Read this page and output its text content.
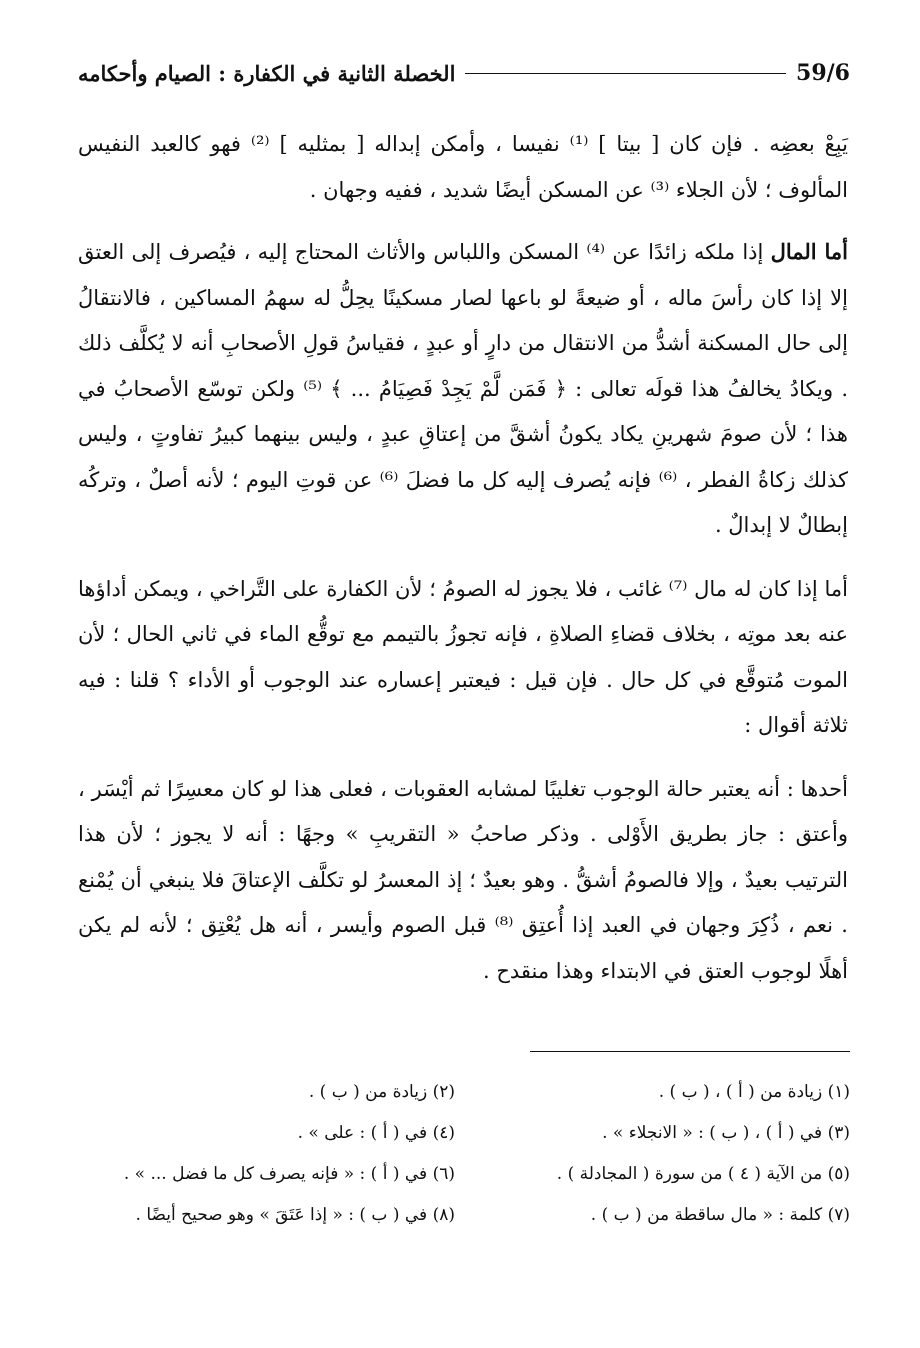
الخصلة الثانية في الكفارة : الصيام وأحكامه	59/6

يَبِعْ بعضِه . فإن كان [ بيتا ] ⁽¹⁾ نفيسا ، وأمكن إبداله [ بمثليه ] ⁽²⁾ فهو كالعبد النفيس المألوف ؛ لأن الجلاء ⁽³⁾ عن المسكن أيضًا شديد ، ففيه وجهان .

أما المال إذا ملكه زائدًا عن ⁽⁴⁾ المسكن واللباس والأثاث المحتاج إليه ، فيُصرف إلى العتق إلا إذا كان رأسَ ماله ، أو ضيعةً لو باعها لصار مسكينًا يحِلُّ له سهمُ المساكين ، فالانتقالُ إلى حال المسكنة أشدُّ من الانتقال من دارٍ أو عبدٍ ، فقياسُ قولِ الأصحابِ أنه لا يُكلَّف ذلك . ويكادُ يخالفُ هذا قولَه تعالى : ﴿ فَمَن لَّمْ يَجِدْ فَصِيَامُ ... ﴾ ⁽⁵⁾ ولكن توسّع الأصحابُ في هذا ؛ لأن صومَ شهرينِ يكاد يكونُ أشقَّ من إعتاقِ عبدٍ ، وليس بينهما كبيرُ تفاوتٍ ، وليس كذلك زكاةُ الفطر ، ⁽⁶⁾ فإنه يُصرف إليه كل ما فضلَ ⁽⁶⁾ عن قوتِ اليوم ؛ لأنه أصلٌ ، وتركُه إبطالٌ لا إبدالٌ .

أما إذا كان له مال ⁽⁷⁾ غائب ، فلا يجوز له الصومُ ؛ لأن الكفارة على التَّراخي ، ويمكن أداؤها عنه بعد موتِه ، بخلاف قضاءِ الصلاةِ ، فإنه تجوزُ بالتيمم مع توقُّع الماء في ثاني الحال ؛ لأن الموت مُتوقَّع في كل حال . فإن قيل : فيعتبر إعساره عند الوجوب أو الأداء ؟ قلنا : فيه ثلاثة أقوال :

أحدها : أنه يعتبر حالة الوجوب تغليبًا لمشابه العقوبات ، فعلى هذا لو كان معسِرًا ثم أيْسَر ، وأعتق : جاز بطريق الأَوْلى . وذكر صاحبُ « التقريبِ » وجهًا : أنه لا يجوز ؛ لأن هذا الترتيب بعيدٌ ، وإلا فالصومُ أشقُّ . وهو بعيدٌ ؛ إذ المعسرُ لو تكلَّف الإعتاقَ فلا ينبغي أن يُمْنع . نعم ، ذُكِرَ وجهان في العبد إذا أُعتِق ⁽⁸⁾ قبل الصوم وأيسر ، أنه هل يُعْتِق ؛ لأنه لم يكن أهلًا لوجوب العتق في الابتداء وهذا منقدح .

(١) زيادة من ( أ ) ، ( ب ) .
(٢) زيادة من ( ب ) .
(٣) في ( أ ) ، ( ب ) : « الانجلاء » .
(٤) في ( أ ) : على » .
(٥) من الآية ( ٤ ) من سورة ( المجادلة ) .
(٦) في ( أ ) : « فإنه يصرف كل ما فضل ... » .
(٧) كلمة : « مال ساقطة من ( ب ) .
(٨) في ( ب ) : « إذا عَتَقَ » وهو صحيح أيضًا .
